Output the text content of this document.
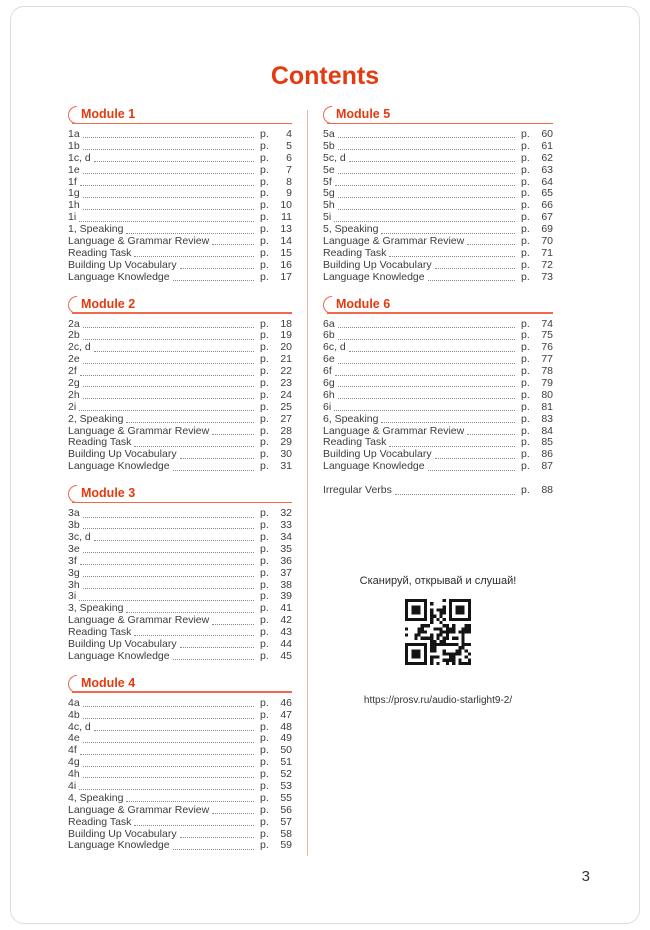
Contents
Module 1
1a	p.	4
1b	p.	5
1c, d	p.	6
1e	p.	7
1f	p.	8
1g	p.	9
1h	p.	10
1i	p.	11
1, Speaking	p.	13
Language & Grammar Review	p.	14
Reading Task	p.	15
Building Up Vocabulary	p.	16
Language Knowledge	p.	17
Module 2
2a	p.	18
2b	p.	19
2c, d	p.	20
2e	p.	21
2f	p.	22
2g	p.	23
2h	p.	24
2i	p.	25
2, Speaking	p.	27
Language & Grammar Review	p.	28
Reading Task	p.	29
Building Up Vocabulary	p.	30
Language Knowledge	p.	31
Module 3
3a	p.	32
3b	p.	33
3c, d	p.	34
3e	p.	35
3f	p.	36
3g	p.	37
3h	p.	38
3i	p.	39
3, Speaking	p.	41
Language & Grammar Review	p.	42
Reading Task	p.	43
Building Up Vocabulary	p.	44
Language Knowledge	p.	45
Module 4
4a	p.	46
4b	p.	47
4c, d	p.	48
4e	p.	49
4f	p.	50
4g	p.	51
4h	p.	52
4i	p.	53
4, Speaking	p.	55
Language & Grammar Review	p.	56
Reading Task	p.	57
Building Up Vocabulary	p.	58
Language Knowledge	p.	59
Module 5
5a	p.	60
5b	p.	61
5c, d	p.	62
5e	p.	63
5f	p.	64
5g	p.	65
5h	p.	66
5i	p.	67
5, Speaking	p.	69
Language & Grammar Review	p.	70
Reading Task	p.	71
Building Up Vocabulary	p.	72
Language Knowledge	p.	73
Module 6
6a	p.	74
6b	p.	75
6c, d	p.	76
6e	p.	77
6f	p.	78
6g	p.	79
6h	p.	80
6i	p.	81
6, Speaking	p.	83
Language & Grammar Review	p.	84
Reading Task	p.	85
Building Up Vocabulary	p.	86
Language Knowledge	p.	87
Irregular Verbs	p.	88
Сканируй, открывай и слушай!
https://prosv.ru/audio-starlight9-2/
3
